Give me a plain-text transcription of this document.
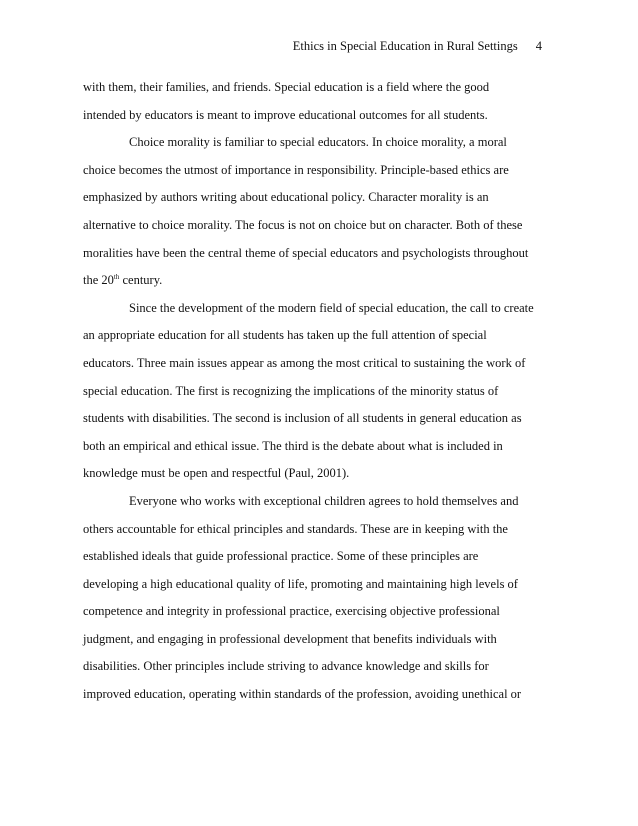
Ethics in Special Education in Rural Settings 4
with them, their families, and friends. Special education is a field where the good
intended by educators is meant to improve educational outcomes for all students.
Choice morality is familiar to special educators. In choice morality, a moral
choice becomes the utmost of importance in responsibility. Principle-based ethics are
emphasized by authors writing about educational policy. Character morality is an
alternative to choice morality. The focus is not on choice but on character. Both of these
moralities have been the central theme of special educators and psychologists throughout
the 20th century.
Since the development of the modern field of special education, the call to create
an appropriate education for all students has taken up the full attention of special
educators. Three main issues appear as among the most critical to sustaining the work of
special education. The first is recognizing the implications of the minority status of
students with disabilities. The second is inclusion of all students in general education as
both an empirical and ethical issue. The third is the debate about what is included in
knowledge must be open and respectful (Paul, 2001).
Everyone who works with exceptional children agrees to hold themselves and
others accountable for ethical principles and standards. These are in keeping with the
established ideals that guide professional practice. Some of these principles are
developing a high educational quality of life, promoting and maintaining high levels of
competence and integrity in professional practice, exercising objective professional
judgment, and engaging in professional development that benefits individuals with
disabilities. Other principles include striving to advance knowledge and skills for
improved education, operating within standards of the profession, avoiding unethical or
